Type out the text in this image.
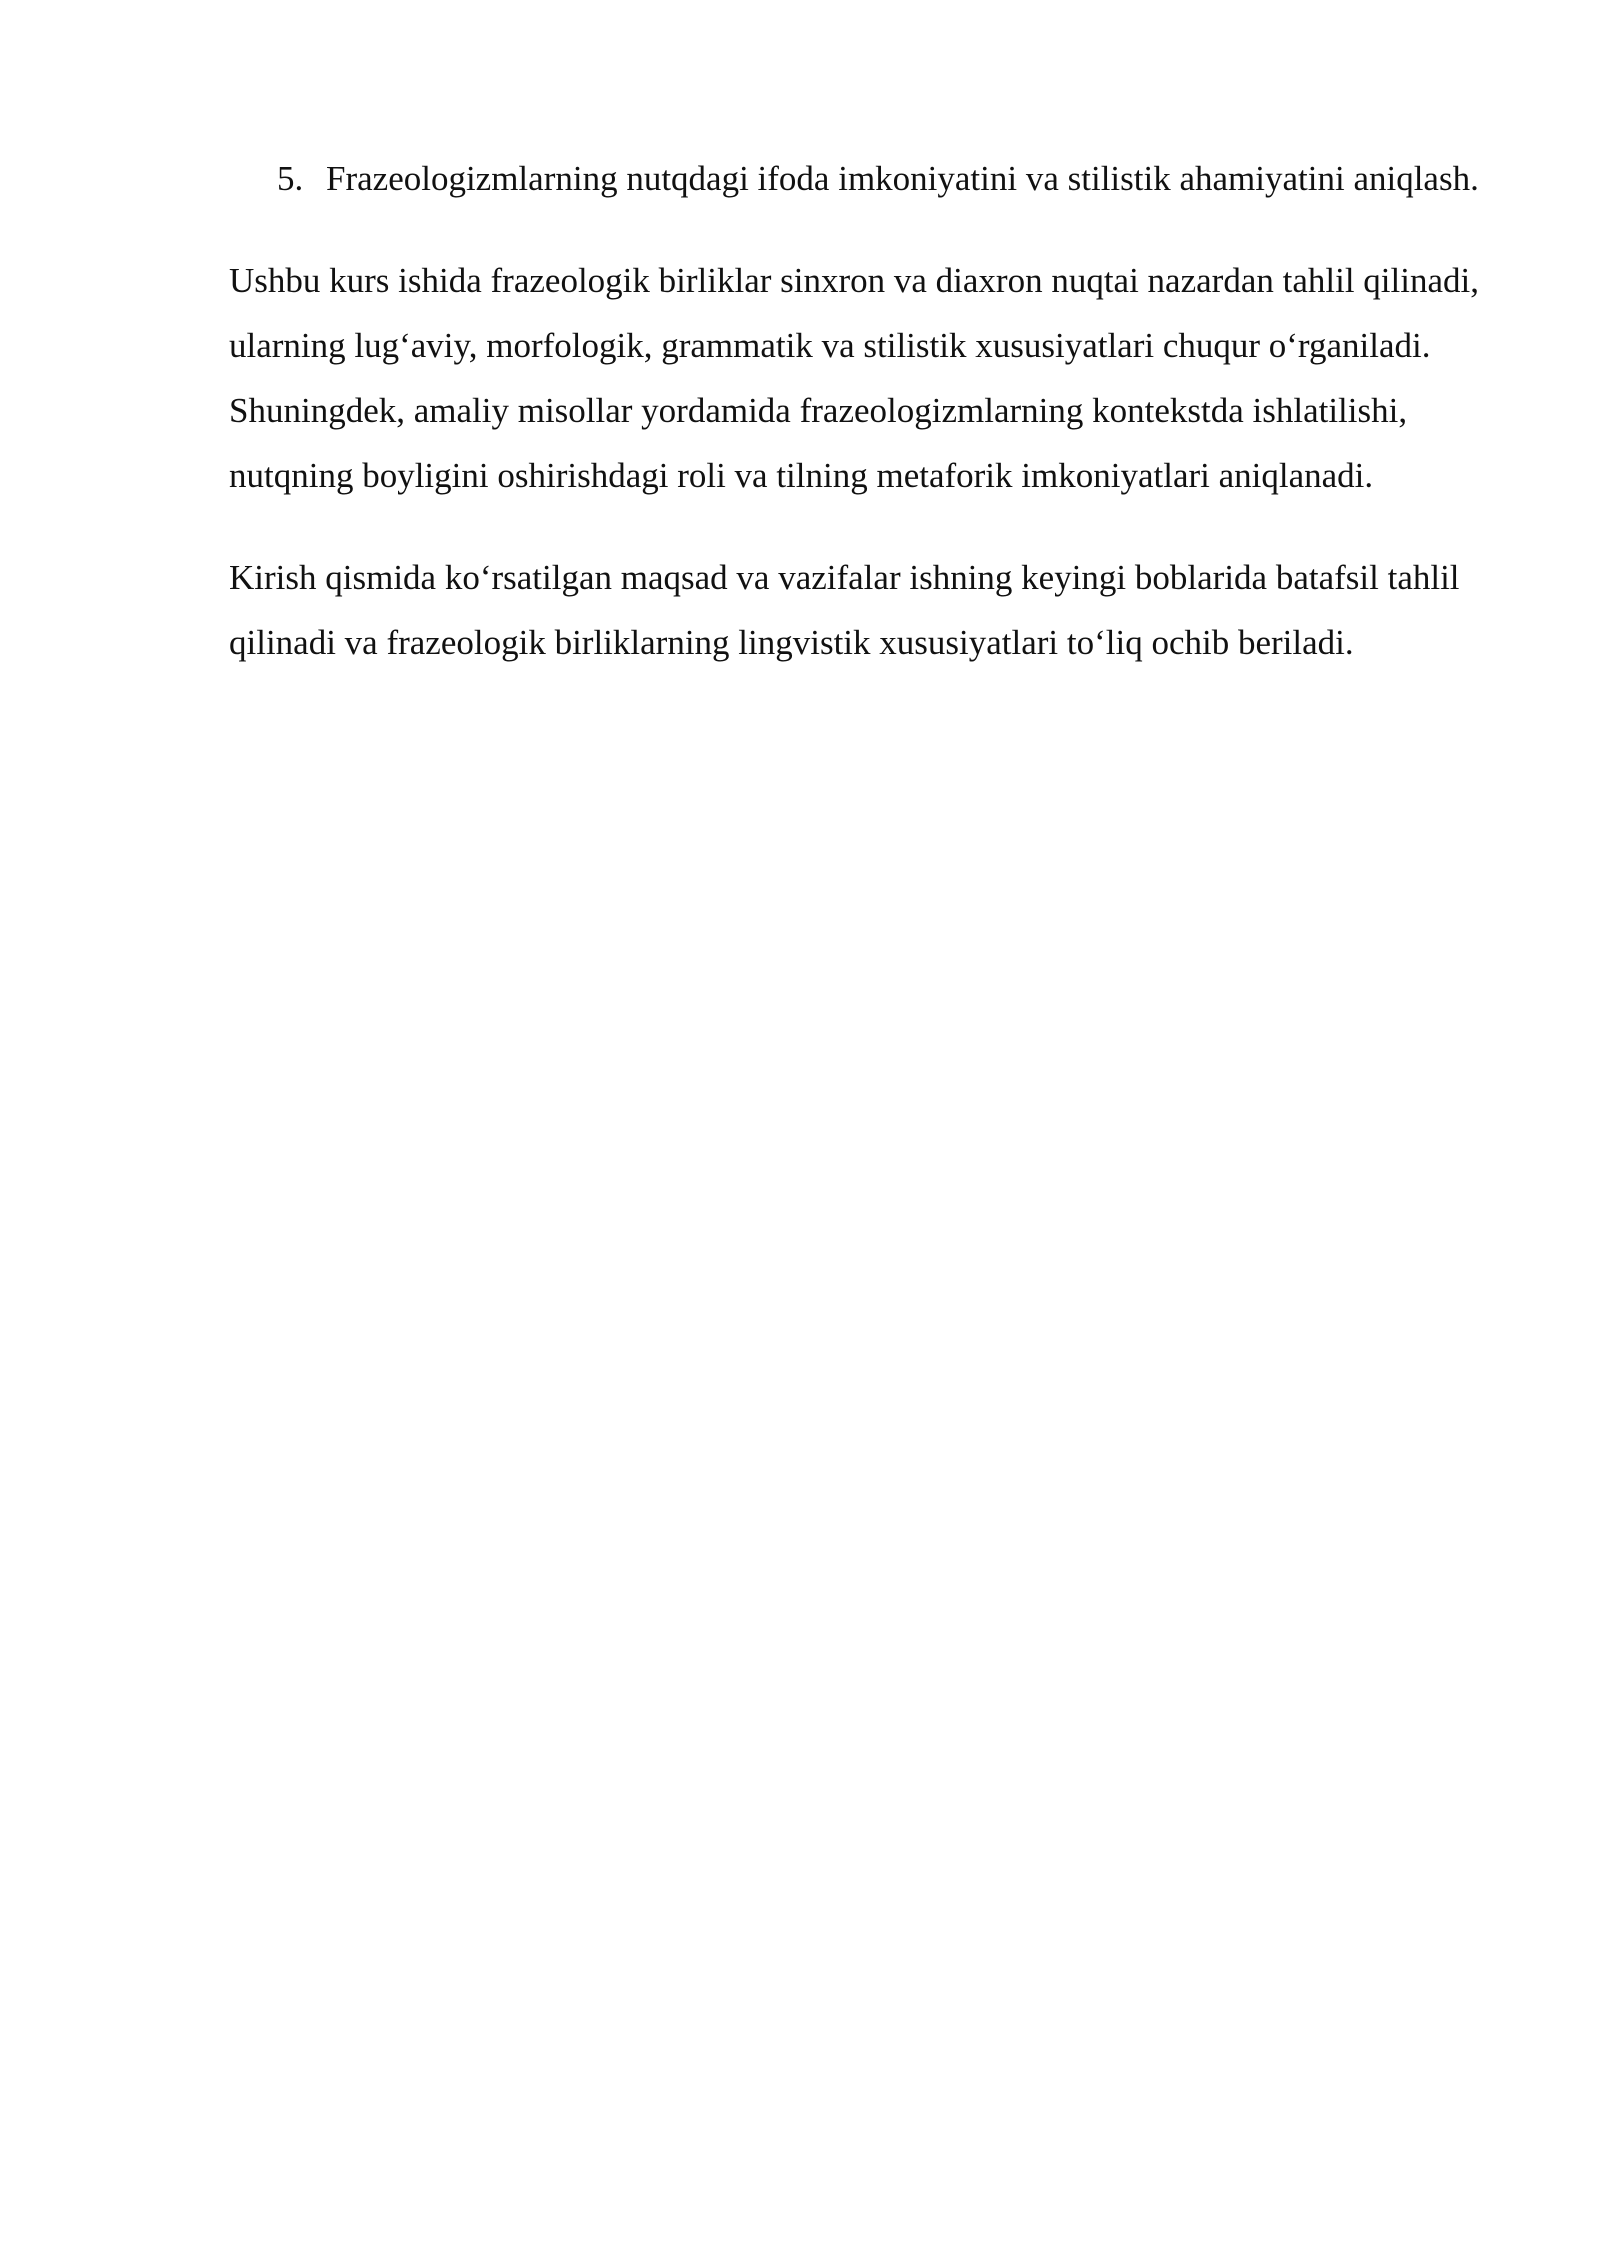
5. Frazeologizmlarning nutqdagi ifoda imkoniyatini va stilistik ahamiyatini aniqlash.

Ushbu kurs ishida frazeologik birliklar sinxron va diaxron nuqtai nazardan tahlil qilinadi, ularning lug‘aviy, morfologik, grammatik va stilistik xususiyatlari chuqur o‘rganiladi. Shuningdek, amaliy misollar yordamida frazeologizmlarning kontekstda ishlatilishi, nutqning boyligini oshirishdagi roli va tilning metaforik imkoniyatlari aniqlanadi.

Kirish qismida ko‘rsatilgan maqsad va vazifalar ishning keyingi boblarida batafsil tahlil qilinadi va frazeologik birliklarning lingvistik xususiyatlari to‘liq ochib beriladi.
